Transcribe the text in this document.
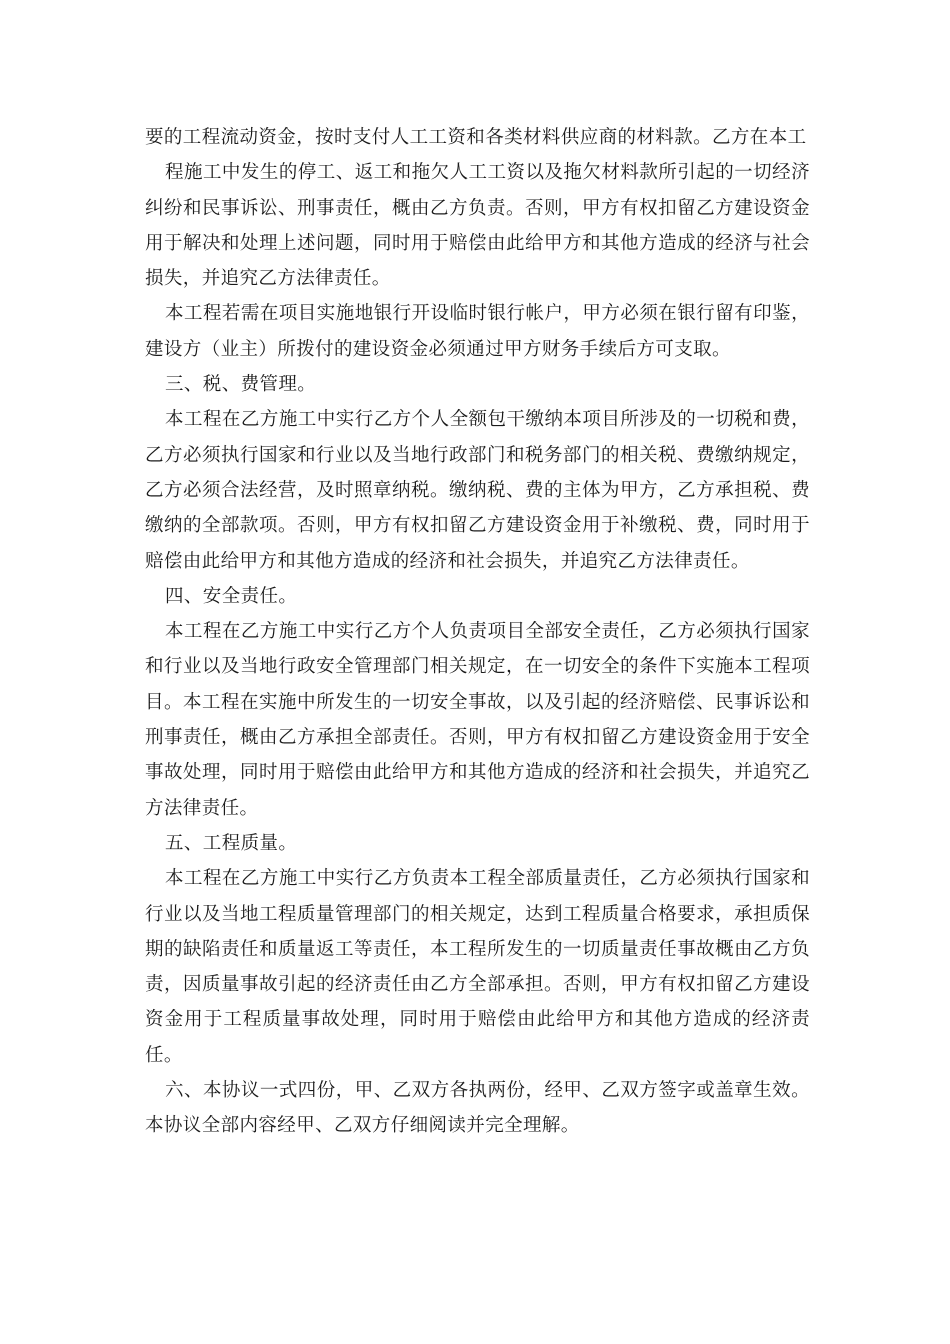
要的工程流动资金，按时支付人工工资和各类材料供应商的材料款。乙方在本工

程施工中发生的停工、返工和拖欠人工工资以及拖欠材料款所引起的一切经济纠纷和民事诉讼、刑事责任，概由乙方负责。否则，甲方有权扣留乙方建设资金用于解决和处理上述问题，同时用于赔偿由此给甲方和其他方造成的经济与社会损失，并追究乙方法律责任。

本工程若需在项目实施地银行开设临时银行帐户，甲方必须在银行留有印鉴，建设方（业主）所拨付的建设资金必须通过甲方财务手续后方可支取。

三、税、费管理。

本工程在乙方施工中实行乙方个人全额包干缴纳本项目所涉及的一切税和费，乙方必须执行国家和行业以及当地行政部门和税务部门的相关税、费缴纳规定，乙方必须合法经营，及时照章纳税。缴纳税、费的主体为甲方，乙方承担税、费缴纳的全部款项。否则，甲方有权扣留乙方建设资金用于补缴税、费，同时用于赔偿由此给甲方和其他方造成的经济和社会损失，并追究乙方法律责任。

四、安全责任。

本工程在乙方施工中实行乙方个人负责项目全部安全责任，乙方必须执行国家和行业以及当地行政安全管理部门相关规定，在一切安全的条件下实施本工程项目。本工程在实施中所发生的一切安全事故，以及引起的经济赔偿、民事诉讼和刑事责任，概由乙方承担全部责任。否则，甲方有权扣留乙方建设资金用于安全事故处理，同时用于赔偿由此给甲方和其他方造成的经济和社会损失，并追究乙方法律责任。

五、工程质量。

本工程在乙方施工中实行乙方负责本工程全部质量责任，乙方必须执行国家和行业以及当地工程质量管理部门的相关规定，达到工程质量合格要求，承担质保期的缺陷责任和质量返工等责任，本工程所发生的一切质量责任事故概由乙方负责，因质量事故引起的经济责任由乙方全部承担。否则，甲方有权扣留乙方建设资金用于工程质量事故处理，同时用于赔偿由此给甲方和其他方造成的经济责任。

六、本协议一式四份，甲、乙双方各执两份，经甲、乙双方签字或盖章生效。本协议全部内容经甲、乙双方仔细阅读并完全理解。
